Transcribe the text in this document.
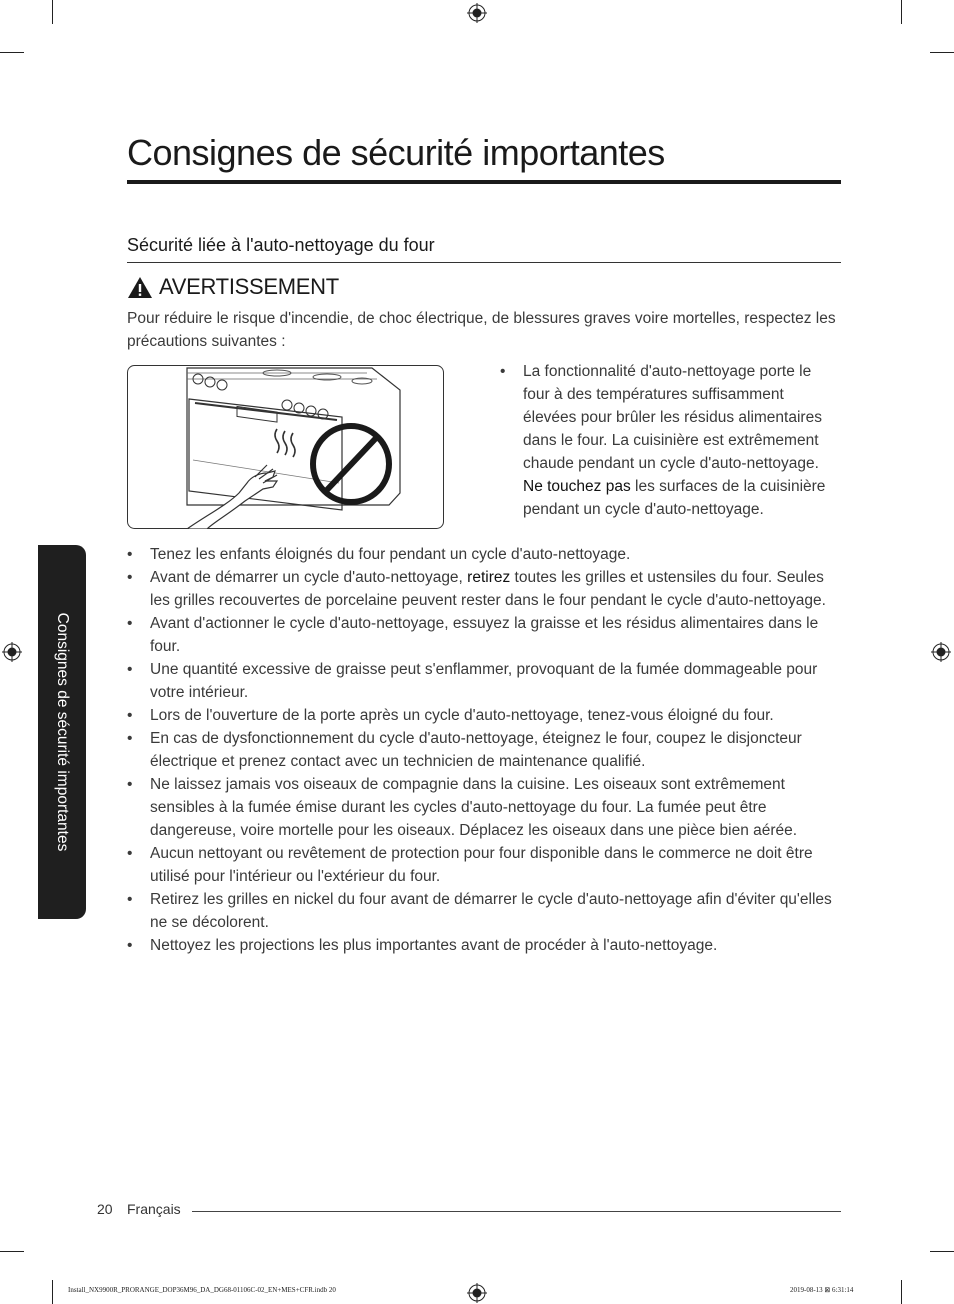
Consignes de sécurité importantes
Consignes de sécurité importantes
Sécurité liée à l'auto-nettoyage du four
AVERTISSEMENT
Pour réduire le risque d'incendie, de choc électrique, de blessures graves voire mortelles, respectez les précautions suivantes :
• La fonctionnalité d'auto-nettoyage porte le four à des températures suffisamment élevées pour brûler les résidus alimentaires dans le four. La cuisinière est extrêmement chaude pendant un cycle d'auto-nettoyage. Ne touchez pas les surfaces de la cuisinière pendant un cycle d'auto-nettoyage.
• Tenez les enfants éloignés du four pendant un cycle d'auto-nettoyage.
• Avant de démarrer un cycle d'auto-nettoyage, retirez toutes les grilles et ustensiles du four. Seules les grilles recouvertes de porcelaine peuvent rester dans le four pendant le cycle d'auto-nettoyage.
• Avant d'actionner le cycle d'auto-nettoyage, essuyez la graisse et les résidus alimentaires dans le four.
• Une quantité excessive de graisse peut s'enflammer, provoquant de la fumée dommageable pour votre intérieur.
• Lors de l'ouverture de la porte après un cycle d'auto-nettoyage, tenez-vous éloigné du four.
• En cas de dysfonctionnement du cycle d'auto-nettoyage, éteignez le four, coupez le disjoncteur électrique et prenez contact avec un technicien de maintenance qualifié.
• Ne laissez jamais vos oiseaux de compagnie dans la cuisine. Les oiseaux sont extrêmement sensibles à la fumée émise durant les cycles d'auto-nettoyage du four. La fumée peut être dangereuse, voire mortelle pour les oiseaux. Déplacez les oiseaux dans une pièce bien aérée.
• Aucun nettoyant ou revêtement de protection pour four disponible dans le commerce ne doit être utilisé pour l'intérieur ou l'extérieur du four.
• Retirez les grilles en nickel du four avant de démarrer le cycle d'auto-nettoyage afin d'éviter qu'elles ne se décolorent.
• Nettoyez les projections les plus importantes avant de procéder à l'auto-nettoyage.
20 Français
Install_NX9900R_PRORANGE_DOP36M96_DA_DG68-01106C-02_EN+MES+CFR.indb 20	2019-08-13 ⊠ 6:31:14
